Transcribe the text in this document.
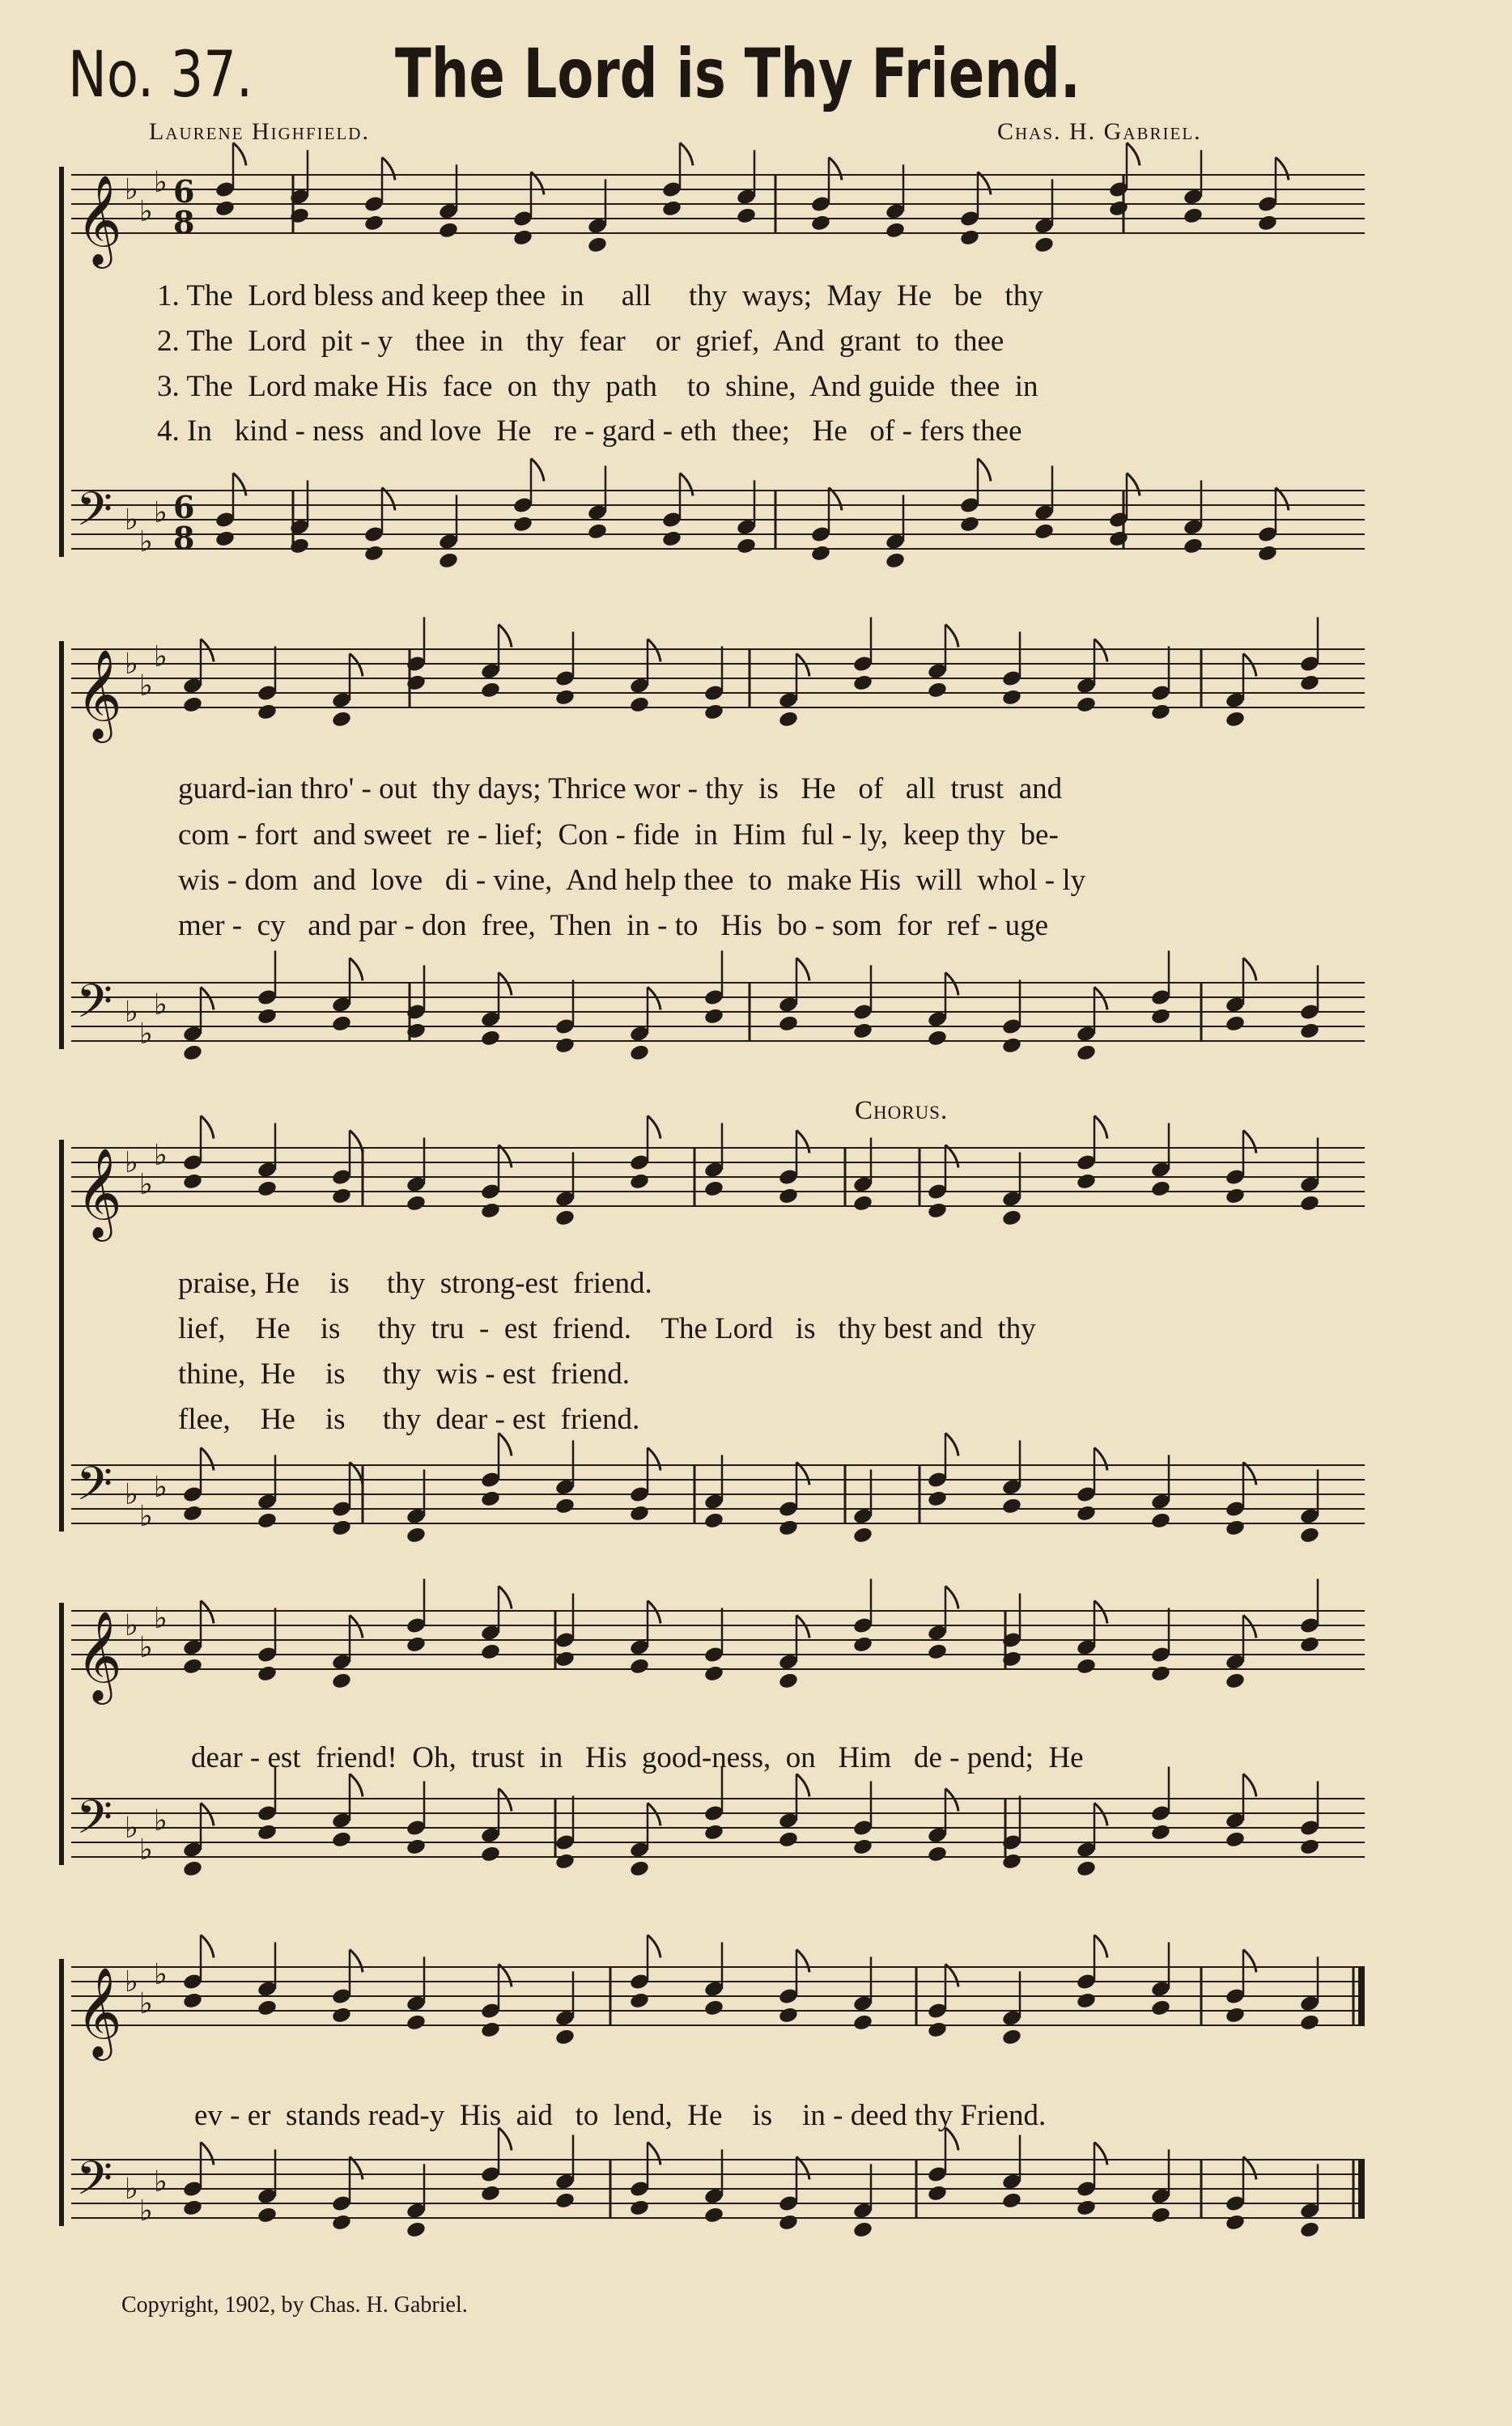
No. 37. The Lord is Thy Friend.
Laurene Highfield.	Chas. H. Gabriel.
𝄞 ♭
♭
♭ 6
8
𝄢 ♭
♭
♭ 6
8
𝄞 ♭
♭
♭
𝄢 ♭
♭
♭
𝄞 ♭
♭
♭
𝄢 ♭
♭
♭
𝄞 ♭
♭
♭
𝄢 ♭
♭
♭
𝄞 ♭
♭
♭
𝄢 ♭
♭
♭
1. The  Lord bless and keep thee  in     all     thy  ways;  May  He   be   thy
2. The  Lord  pit - y   thee  in   thy  fear    or  grief,  And  grant  to  thee
3. The  Lord make His  face  on  thy  path    to  shine,  And guide  thee  in
4. In   kind - ness  and love  He   re - gard - eth  thee;   He   of - fers thee
guard-ian thro' - out  thy days; Thrice wor - thy  is   He   of   all  trust  and
com - fort  and sweet  re - lief;  Con - fide  in  Him  ful - ly,  keep thy  be-
wis - dom  and  love   di - vine,  And help thee  to  make His  will  whol - ly
mer -  cy   and par - don  free,  Then  in - to   His  bo - som  for  ref - uge
Chorus.
praise, He    is     thy  strong-est  friend.
lief,    He    is     thy  tru  -  est  friend.    The Lord   is   thy best and  thy
thine,  He    is     thy  wis - est  friend.
flee,    He    is     thy  dear - est  friend.
dear - est  friend!  Oh,  trust  in   His  good-ness,  on   Him   de - pend;  He
ev - er  stands read-y  His  aid   to  lend,  He    is    in - deed thy Friend.
Copyright, 1902, by Chas. H. Gabriel.
